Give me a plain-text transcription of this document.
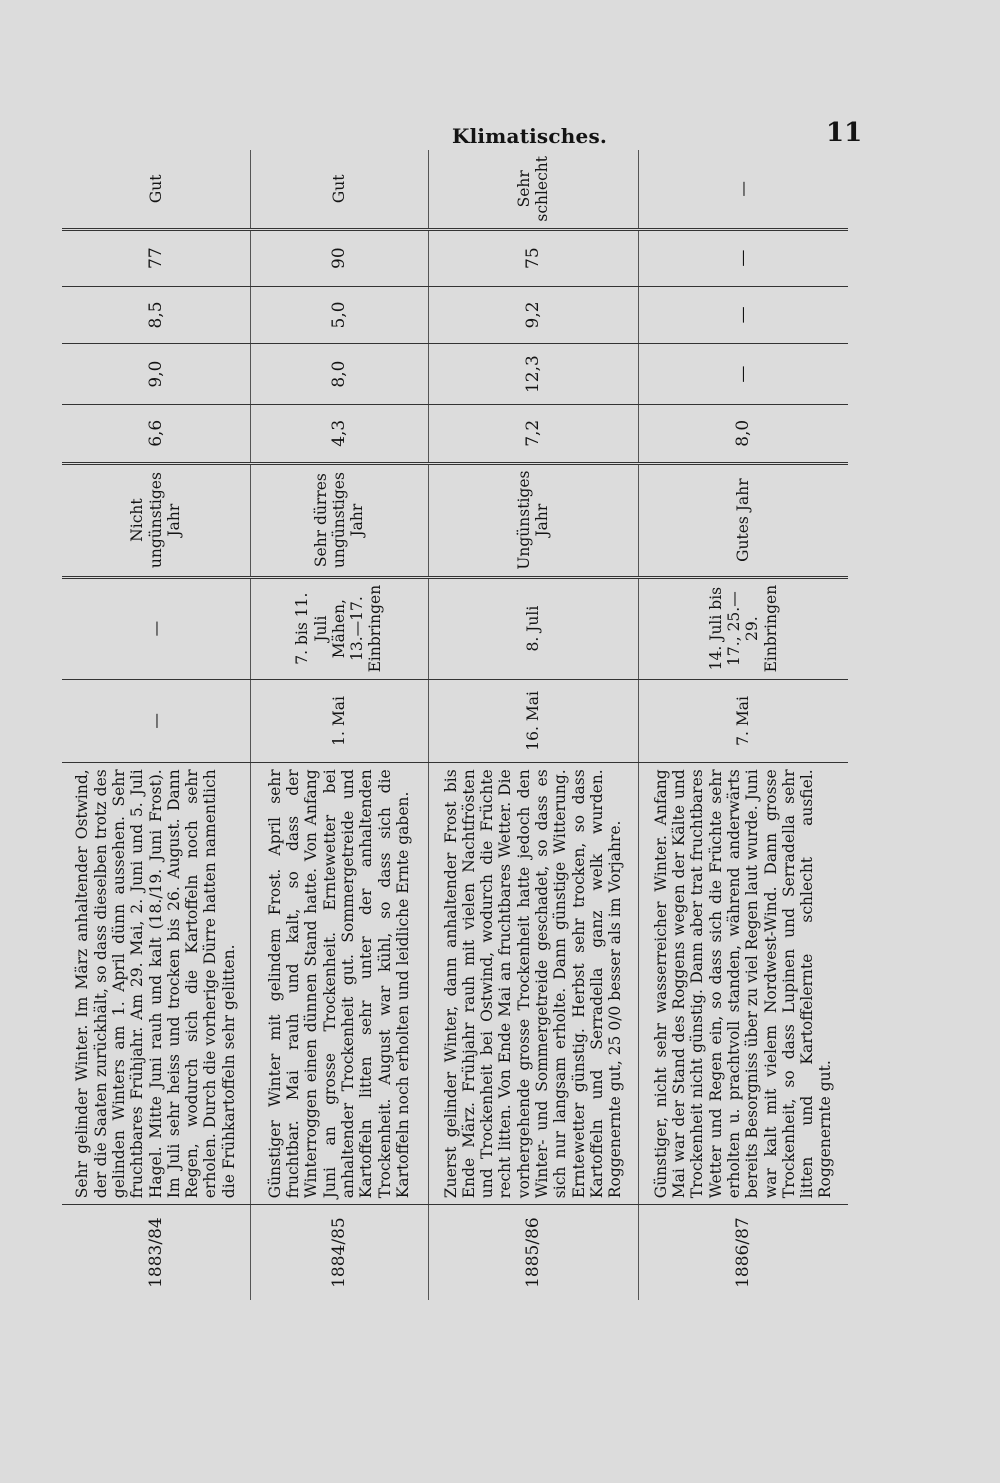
Klimatisches.	11
1883/84	Sehr gelinder Winter. Im März anhaltender Ostwind, der die Saaten zurückhält, so dass dieselben trotz des gelinden Winters am 1. April dünn aussehen. Sehr fruchtbares Frühjahr. Am 29. Mai, 2. Juni und 5. Juli Hagel. Mitte Juni rauh und kalt (18./19. Juni Frost). Im Juli sehr heiss und trocken bis 26. August. Dann Regen, wodurch sich die Kartoffeln noch sehr erholen. Durch die vorherige Dürre hatten namentlich die Frühkartoffeln sehr gelitten.	—	—	Nicht ungünstiges Jahr	6,6	9,0	8,5	77	Gut
1884/85	Günstiger Winter mit gelindem Frost. April sehr fruchtbar. Mai rauh und kalt, so dass der Winterroggen einen dünnen Stand hatte. Von Anfang Juni an grosse Trockenheit. Erntewetter bei anhaltender Trockenheit gut. Sommergetreide und Kartoffeln litten sehr unter der anhaltenden Trockenheit. August war kühl, so dass sich die Kartoffeln noch erholten und leidliche Ernte gaben.	1. Mai	7. bis 11. Juli Mähen, 13.—17. Einbringen	Sehr dürres ungünstiges Jahr	4,3	8,0	5,0	90	Gut
1885/86	Zuerst gelinder Winter, dann anhaltender Frost bis Ende März. Frühjahr rauh mit vielen Nachtfrösten und Trockenheit bei Ostwind, wodurch die Früchte recht litten. Von Ende Mai an fruchtbares Wetter. Die vorhergehende grosse Trockenheit hatte jedoch den Winter- und Sommergetreide geschadet, so dass es sich nur langsam erholte. Dann günstige Witterung. Erntewetter günstig. Herbst sehr trocken, so dass Kartoffeln und Serradella ganz welk wurden. Roggenernte gut, 25 0/0 besser als im Vorjahre.	16. Mai	8. Juli	Ungünstiges Jahr	7,2	12,3	9,2	75	Sehr schlecht
1886/87	Günstiger, nicht sehr wasserreicher Winter. Anfang Mai war der Stand des Roggens wegen der Kälte und Trockenheit nicht günstig. Dann aber trat fruchtbares Wetter und Regen ein, so dass sich die Früchte sehr erholten u. prachtvoll standen, während anderwärts bereits Besorgniss über zu viel Regen laut wurde. Juni war kalt mit vielem Nordwest-Wind. Dann grosse Trockenheit, so dass Lupinen und Serradella sehr litten und Kartoffelernte schlecht ausfiel. Roggenernte gut.	7. Mai	14. Juli bis 17., 25.—29. Einbringen	Gutes Jahr	8,0	—	—	—	—
